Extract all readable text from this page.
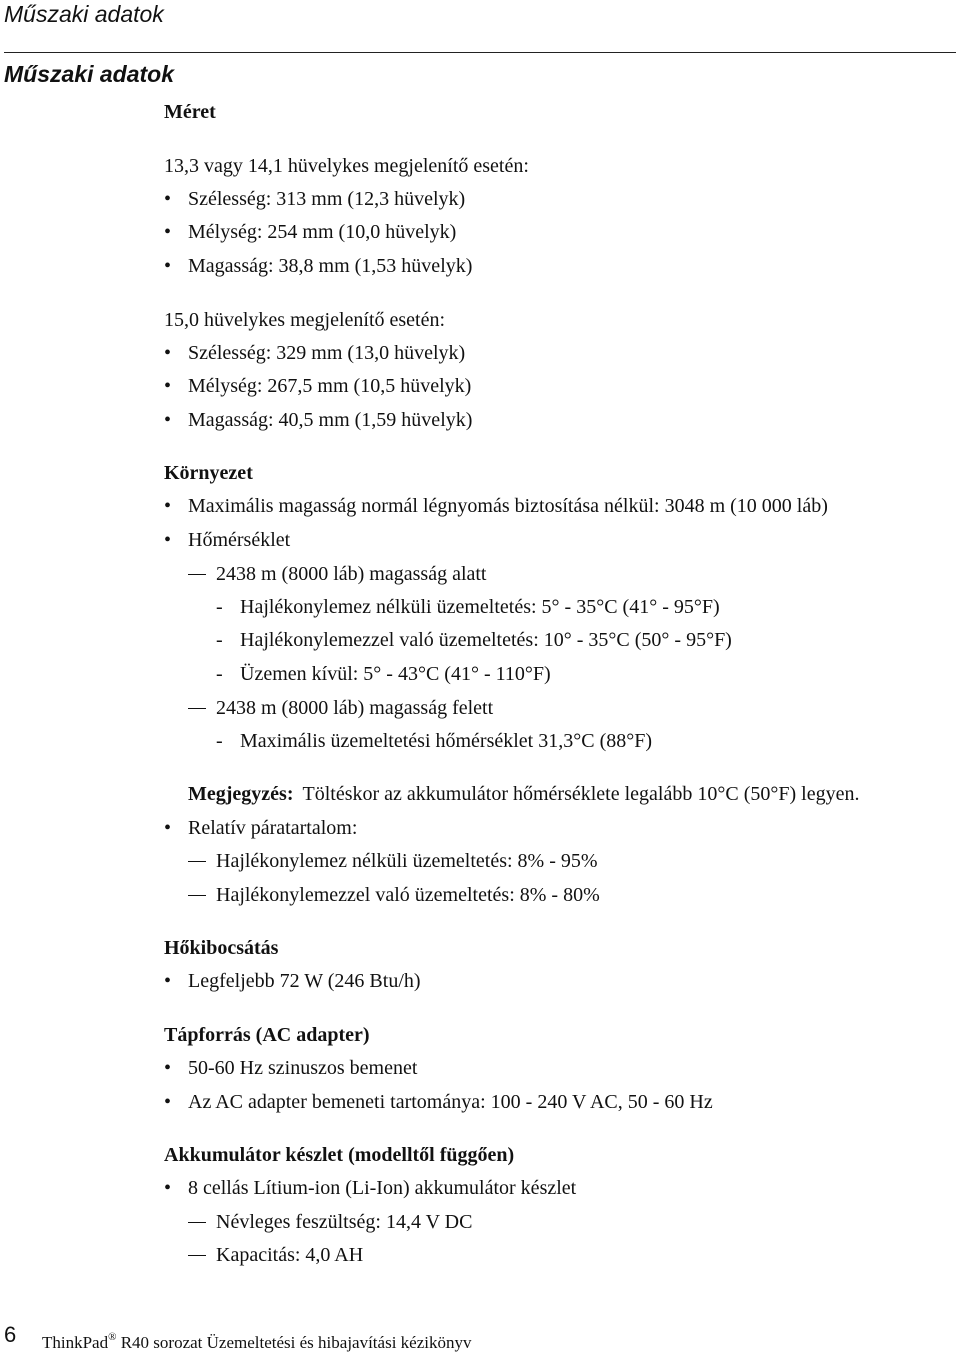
Műszaki adatok
Műszaki adatok
Méret
13,3 vagy 14,1 hüvelykes megjelenítő esetén:
• Szélesség: 313 mm (12,3 hüvelyk)
• Mélység: 254 mm (10,0 hüvelyk)
• Magasság: 38,8 mm (1,53 hüvelyk)
15,0 hüvelykes megjelenítő esetén:
• Szélesség: 329 mm (13,0 hüvelyk)
• Mélység: 267,5 mm (10,5 hüvelyk)
• Magasság: 40,5 mm (1,59 hüvelyk)
Környezet
• Maximális magasság normál légnyomás biztosítása nélkül: 3048 m (10 000 láb)
• Hőmérséklet
2438 m (8000 láb) magasság alatt
- Hajlékonylemez nélküli üzemeltetés: 5° - 35°C (41° - 95°F)
- Hajlékonylemezzel való üzemeltetés: 10° - 35°C (50° - 95°F)
- Üzemen kívül: 5° - 43°C (41° - 110°F)
2438 m (8000 láb) magasság felett
- Maximális üzemeltetési hőmérséklet 31,3°C (88°F)
Megjegyzés: Töltéskor az akkumulátor hőmérséklete legalább 10°C (50°F) legyen.
• Relatív páratartalom:
Hajlékonylemez nélküli üzemeltetés: 8% - 95%
Hajlékonylemezzel való üzemeltetés: 8% - 80%
Hőkibocsátás
• Legfeljebb 72 W (246 Btu/h)
Tápforrás (AC adapter)
• 50-60 Hz szinuszos bemenet
• Az AC adapter bemeneti tartománya: 100 - 240 V AC, 50 - 60 Hz
Akkumulátor készlet (modelltől függően)
• 8 cellás Lítium-ion (Li-Ion) akkumulátor készlet
Névleges feszültség: 14,4 V DC
Kapacitás: 4,0 AH
6 ThinkPad® R40 sorozat Üzemeltetési és hibajavítási kézikönyv
